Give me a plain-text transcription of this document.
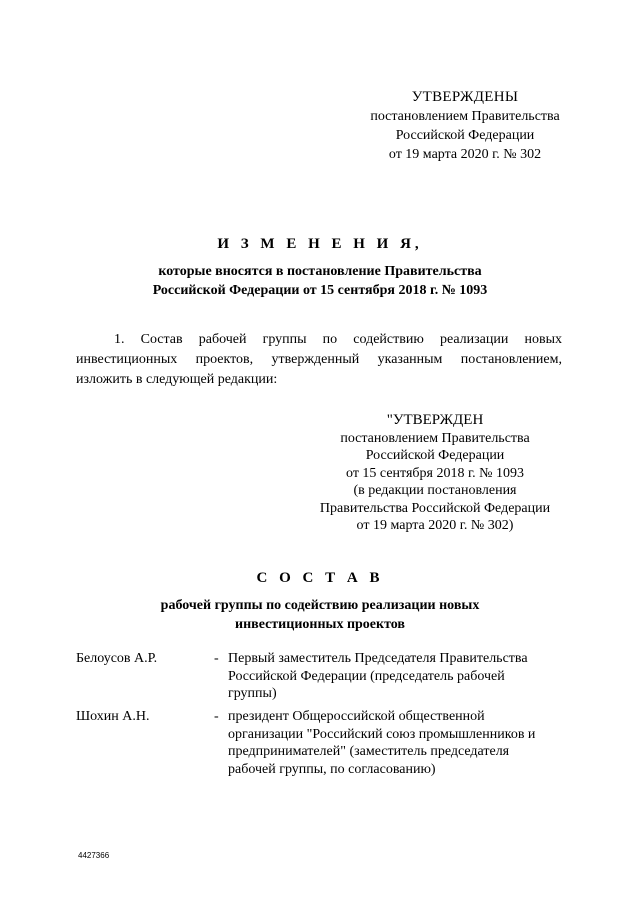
УТВЕРЖДЕНЫ
постановлением Правительства
Российской Федерации
от 19 марта 2020 г. № 302
И З М Е Н Е Н И Я,
которые вносятся в постановление Правительства
Российской Федерации от 15 сентября 2018 г. № 1093
1. Состав рабочей группы по содействию реализации новых
инвестиционных проектов, утвержденный указанным постановлением,
изложить в следующей редакции:
"УТВЕРЖДЕН
постановлением Правительства
Российской Федерации
от 15 сентября 2018 г. № 1093
(в редакции постановления
Правительства Российской Федерации
от 19 марта 2020 г. № 302)
С О С Т А В
рабочей группы по содействию реализации новых
инвестиционных проектов
Белоусов А.Р.	- Первый заместитель Председателя Правительства
Российской Федерации (председатель рабочей
группы)
Шохин А.Н.	- президент Общероссийской общественной
организации "Российский союз промышленников и
предпринимателей" (заместитель председателя
рабочей группы, по согласованию)
4427366
